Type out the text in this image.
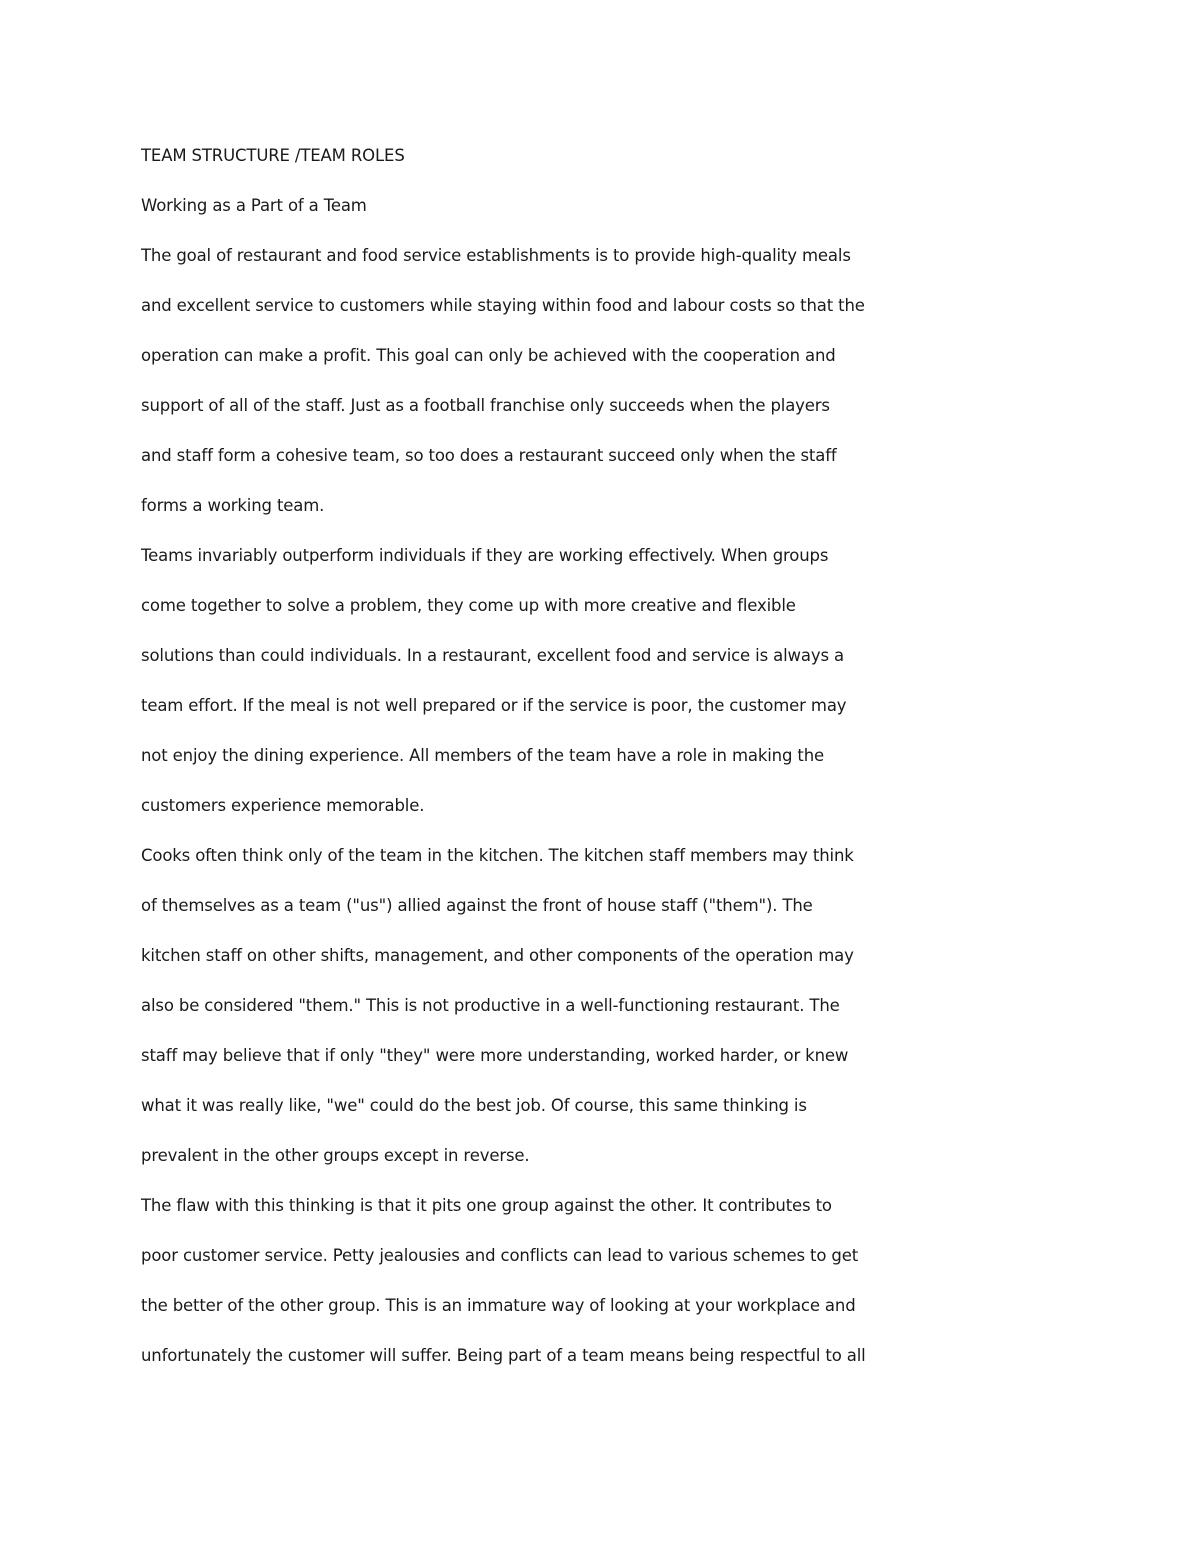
TEAM STRUCTURE /TEAM ROLES
Working as a Part of a Team
The goal of restaurant and food service establishments is to provide high-quality meals
and excellent service to customers while staying within food and labour costs so that the
operation can make a profit. This goal can only be achieved with the cooperation and
support of all of the staff. Just as a football franchise only succeeds when the players
and staff form a cohesive team, so too does a restaurant succeed only when the staff
forms a working team.
Teams invariably outperform individuals if they are working effectively. When groups
come together to solve a problem, they come up with more creative and flexible
solutions than could individuals. In a restaurant, excellent food and service is always a
team effort. If the meal is not well prepared or if the service is poor, the customer may
not enjoy the dining experience. All members of the team have a role in making the
customers experience memorable.
Cooks often think only of the team in the kitchen. The kitchen staff members may think
of themselves as a team ("us") allied against the front of house staff ("them"). The
kitchen staff on other shifts, management, and other components of the operation may
also be considered "them." This is not productive in a well-functioning restaurant. The
staff may believe that if only "they" were more understanding, worked harder, or knew
what it was really like, "we" could do the best job. Of course, this same thinking is
prevalent in the other groups except in reverse.
The flaw with this thinking is that it pits one group against the other. It contributes to
poor customer service. Petty jealousies and conflicts can lead to various schemes to get
the better of the other group. This is an immature way of looking at your workplace and
unfortunately the customer will suffer. Being part of a team means being respectful to all
